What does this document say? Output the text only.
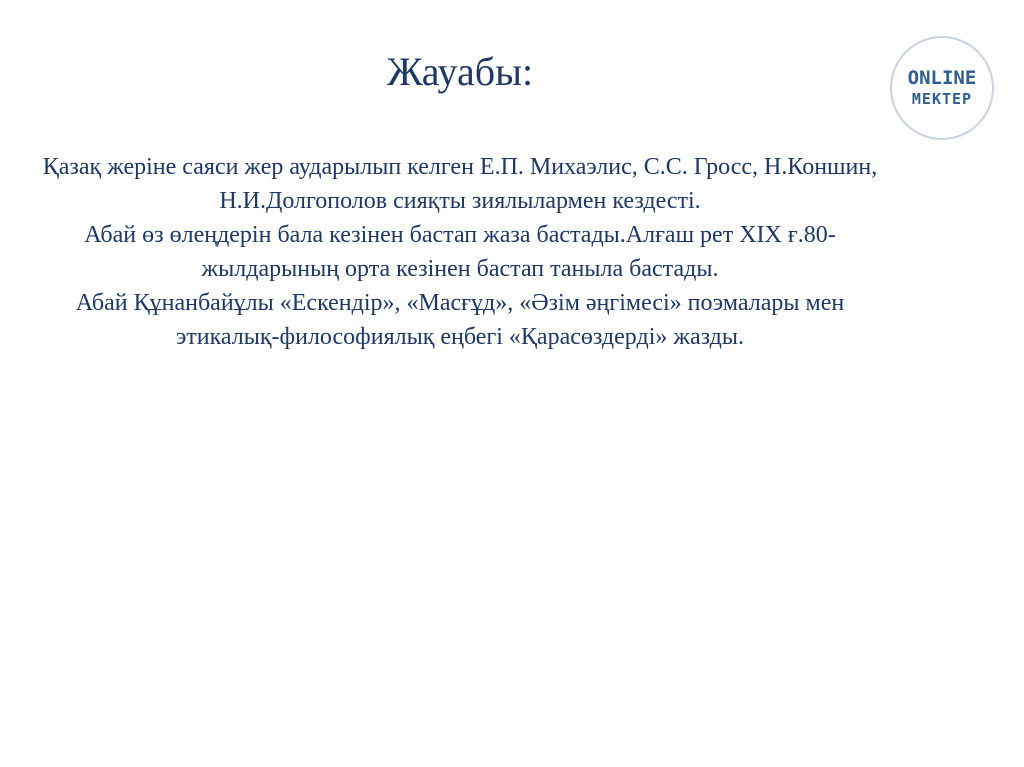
Жауабы:

Қазақ жеріне саяси жер аударылып келген Е.П. Михаэлис, С.С. Гросс, Н.Коншин, Н.И.Долгополов сияқты зиялылармен кездесті.

Абай өз өлеңдерін бала кезінен бастап жаза бастады.Алғаш рет XIX ғ.80-жылдарының орта кезінен бастап таныла бастады.

Абай Құнанбайұлы «Ескендір», «Масғұд», «Әзім әңгімесі» поэмалары мен этикалық-философиялық еңбегі «Қарасөздерді» жазды.

ONLINE
MEKTEP
